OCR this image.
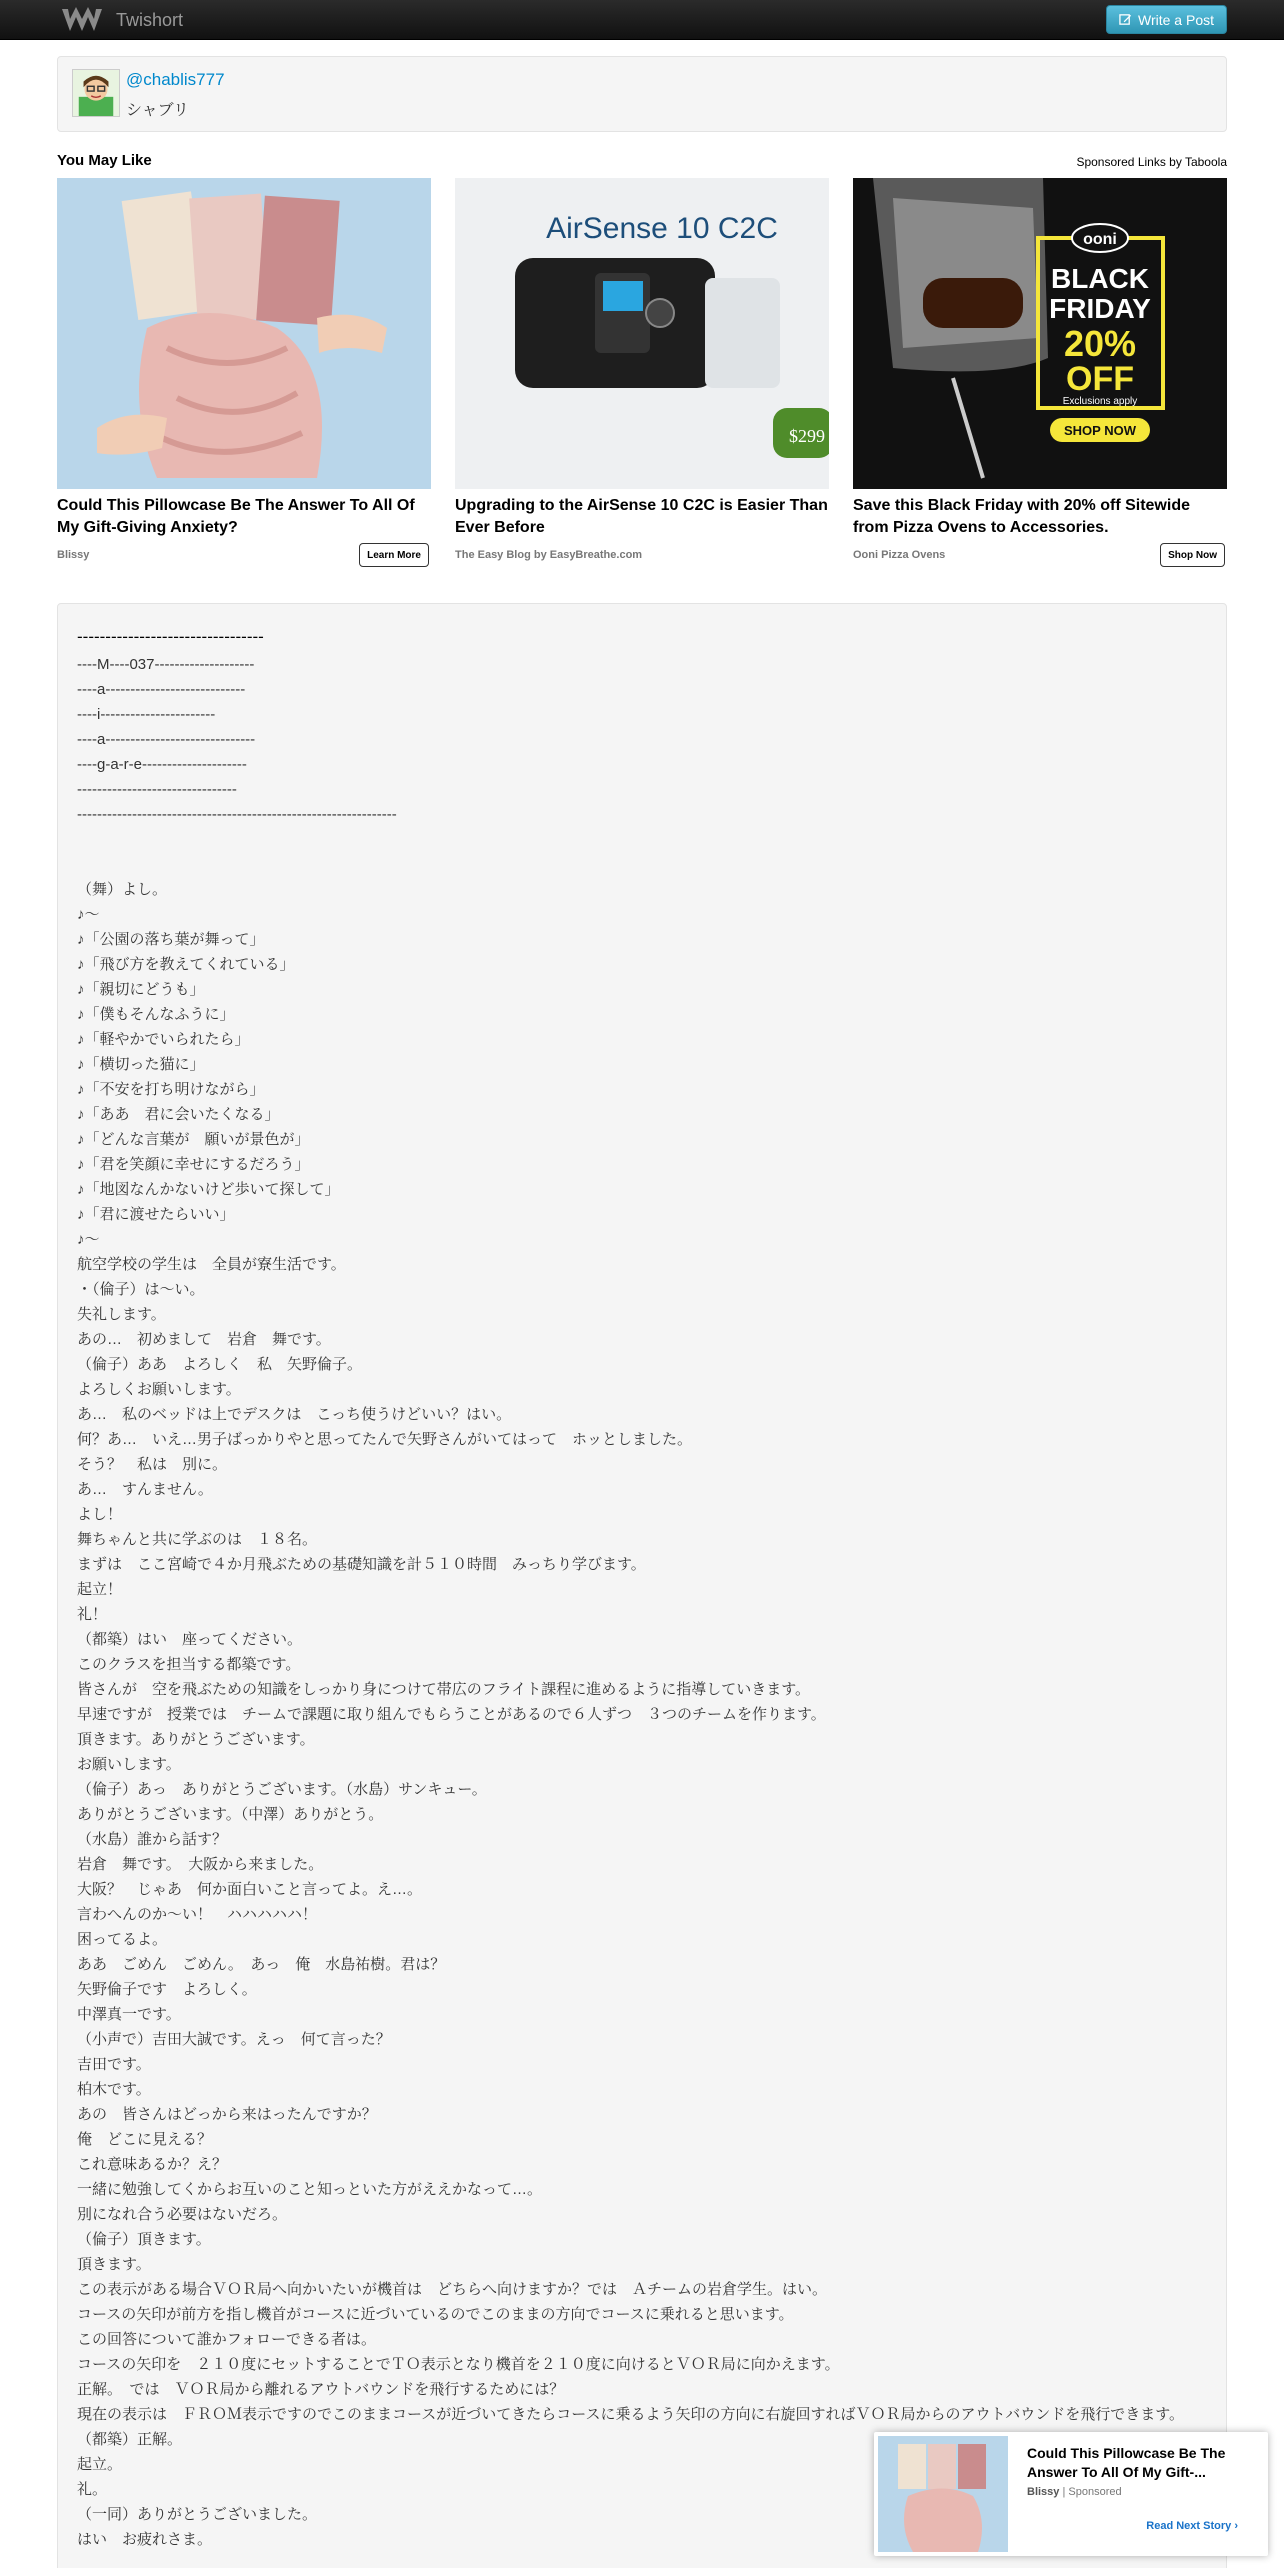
Twishort	Write a Post
@chablis777
シャブリ
You May Like	Sponsored Links by Taboola
Could This Pillowcase Be The Answer To All Of My Gift-Giving Anxiety?
Blissy	Learn More
AirSense 10 C2C
$299
Upgrading to the AirSense 10 C2C is Easier Than Ever Before
The Easy Blog by EasyBreathe.com
ooni
BLACK
FRIDAY
20%
OFF
Exclusions apply
SHOP NOW
Save this Black Friday with 20% off Sitewide from Pizza Ovens to Accessories.
Ooni Pizza Ovens	Shop Now
---------------------------------
----M----037--------------------
----a----------------------------
----i-----------------------
----a------------------------------
----g-a-r-e---------------------
--------------------------------
----------------------------------------------------------------
（舞）よし。
♪～
♪「公園の落ち葉が舞って」
♪「飛び方を教えてくれている」
♪「親切にどうも」
♪「僕もそんなふうに」
♪「軽やかでいられたら」
♪「横切った猫に」
♪「不安を打ち明けながら」
♪「ああ　君に会いたくなる」
♪「どんな言葉が　願いが景色が」
♪「君を笑顔に幸せにするだろう」
♪「地図なんかないけど歩いて探して」
♪「君に渡せたらいい」
♪～
航空学校の学生は　全員が寮生活です。
・（倫子）は～い。
失礼します。
あの…　初めまして　岩倉　舞です。
（倫子）ああ　よろしく　私　矢野倫子。
よろしくお願いします。
あ…　私のベッドは上でデスクは　こっち使うけどいい？はい。
何？あ…　いえ…男子ばっかりやと思ってたんで矢野さんがいてはって　ホッとしました。
そう？　私は　別に。
あ…　すんません。
よし！
舞ちゃんと共に学ぶのは　１８名。
まずは　ここ宮崎で４か月飛ぶための基礎知識を計５１０時間　みっちり学びます。
起立！
礼！
（都築）はい　座ってください。
このクラスを担当する都築です。
皆さんが　空を飛ぶための知識をしっかり身につけて帯広のフライト課程に進めるように指導していきます。
早速ですが　授業では　チームで課題に取り組んでもらうことがあるので６人ずつ　３つのチームを作ります。
頂きます。ありがとうございます。
お願いします。
（倫子）あっ　ありがとうございます。（水島）サンキュー。
ありがとうございます。（中澤）ありがとう。
（水島）誰から話す？
岩倉　舞です。　大阪から来ました。
大阪？　じゃあ　何か面白いこと言ってよ。え…。
言わへんのか～い！　ハハハハハ！
困ってるよ。
ああ　ごめん　ごめん。　あっ　俺　水島祐樹。君は？
矢野倫子です　よろしく。
中澤真一です。
（小声で）吉田大誠です。えっ　何て言った？
吉田です。
柏木です。
あの　皆さんはどっから来はったんですか？
俺　どこに見える？
これ意味あるか？え？
一緒に勉強してくからお互いのこと知っといた方がええかなって…。
別になれ合う必要はないだろ。
（倫子）頂きます。
頂きます。
この表示がある場合ＶＯＲ局へ向かいたいが機首は　どちらへ向けますか？では　Ａチームの岩倉学生。はい。
コースの矢印が前方を指し機首がコースに近づいているのでこのままの方向でコースに乗れると思います。
この回答について誰かフォローできる者は。
コースの矢印を　２１０度にセットすることでＴＯ表示となり機首を２１０度に向けるとＶＯＲ局に向かえます。
正解。　では　ＶＯＲ局から離れるアウトバウンドを飛行するためには？
現在の表示は　ＦＲＯＭ表示ですのでこのままコースが近づいてきたらコースに乗るよう矢印の方向に右旋回すればＶＯＲ局からのアウトバウンドを飛行できます。
（都築）正解。
起立。
礼。
（一同）ありがとうございました。
はい　お疲れさま。
Could This Pillowcase Be The Answer To All Of My Gift-...
Blissy | Sponsored
Read Next Story ›
